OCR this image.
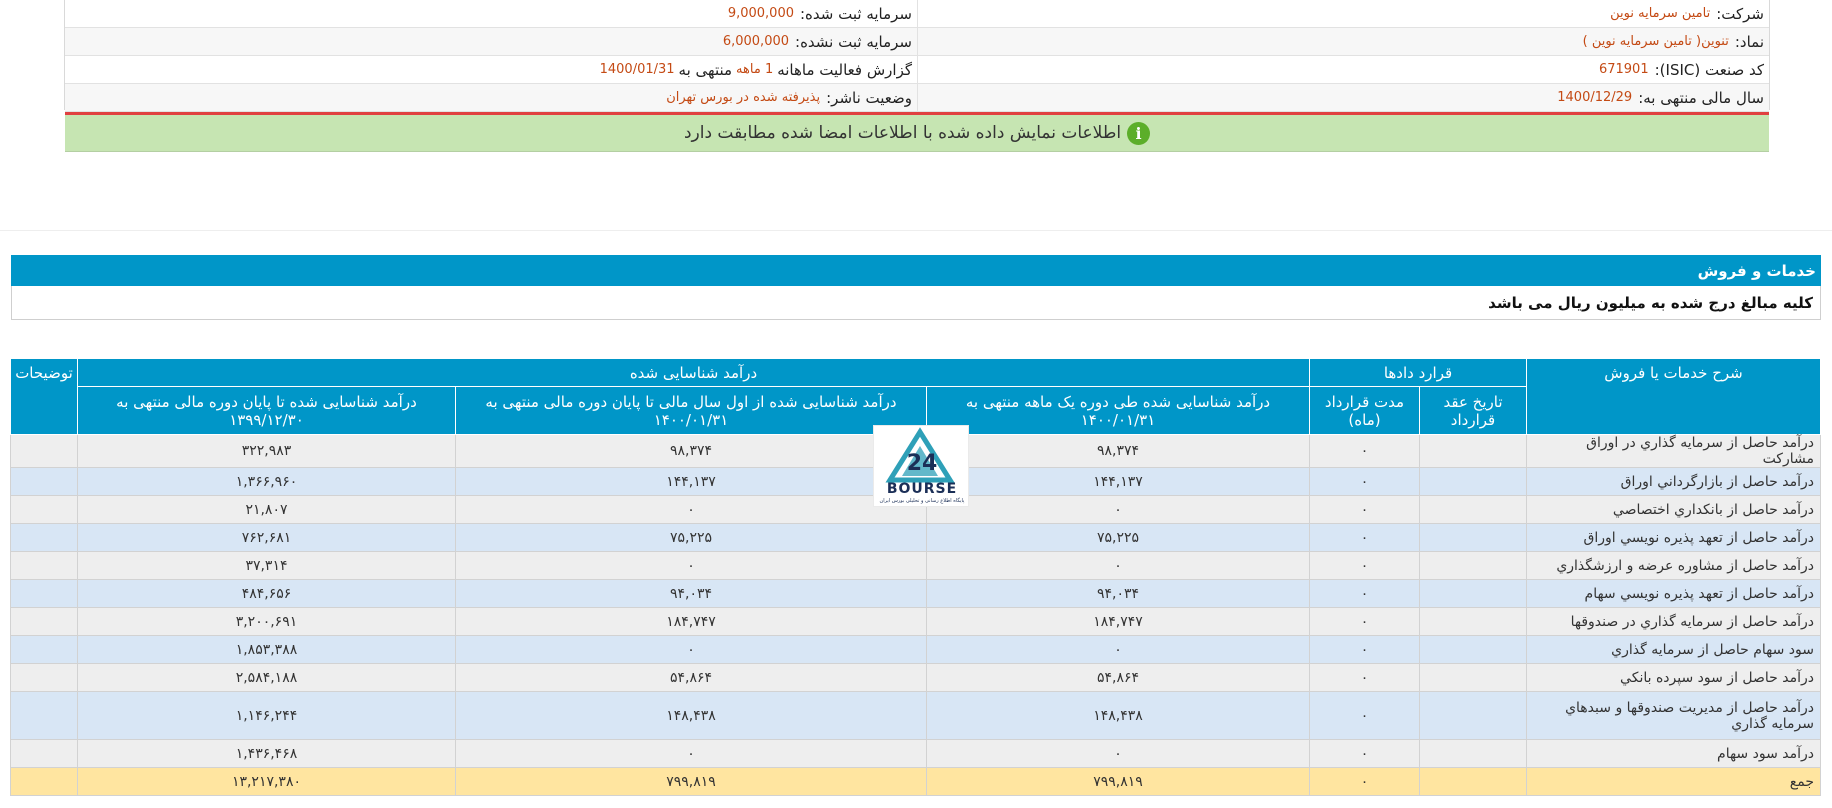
شرکت:
تامین سرمایه نوین
سرمایه ثبت شده:
9,000,000
نماد:
تنوین( تامین سرمایه نوین )
سرمایه ثبت نشده:
6,000,000
کد صنعت (ISIC):
671901
گزارش فعالیت ماهانه
1 ماهه
منتهی به
1400/01/31
سال مالی منتهی به:
1400/12/29
وضعیت ناشر:
پذیرفته شده در بورس تهران
i
اطلاعات نمایش داده شده با اطلاعات امضا شده مطابقت دارد
خدمات و فروش
کلیه مبالغ درج شده به میلیون ریال می باشد
شرح خدمات یا فروش	قرارد دادها		درآمد شناسایی شده			توضیحات
	تاریخ عقد قرارداد	مدت قرارداد (ماه)	درآمد شناسایی شده طی دوره یک ماهه منتهی به ۱۴۰۰/۰۱/۳۱	درآمد شناسایی شده از اول سال مالی تا پایان دوره مالی منتهی به ۱۴۰۰/۰۱/۳۱	درآمد شناسایی شده تا پایان دوره مالی منتهی به ۱۳۹۹/۱۲/۳۰	
درآمد حاصل از سرمایه گذاري در اوراق مشارکت		۰	۹۸,۳۷۴	۹۸,۳۷۴	۳۲۲,۹۸۳	
درآمد حاصل از بازارگرداني اوراق		۰	۱۴۴,۱۳۷	۱۴۴,۱۳۷	۱,۳۶۶,۹۶۰	
درآمد حاصل از بانکداري اختصاصي		۰	۰	۰	۲۱,۸۰۷	
درآمد حاصل از تعهد پذيره نويسي اوراق		۰	۷۵,۲۲۵	۷۵,۲۲۵	۷۶۲,۶۸۱	
درآمد حاصل از مشاوره عرضه و ارزشگذاري		۰	۰	۰	۳۷,۳۱۴	
درآمد حاصل از تعهد پذيره نويسي سهام		۰	۹۴,۰۳۴	۹۴,۰۳۴	۴۸۴,۶۵۶	
درآمد حاصل از سرمايه گذاري در صندوقها		۰	۱۸۴,۷۴۷	۱۸۴,۷۴۷	۳,۲۰۰,۶۹۱	
سود سهام حاصل از سرمايه گذاري		۰	۰	۰	۱,۸۵۳,۳۸۸	
درآمد حاصل از سود سپرده بانکي		۰	۵۴,۸۶۴	۵۴,۸۶۴	۲,۵۸۴,۱۸۸	
درآمد حاصل از مديريت صندوقها و سبدهاي سرمايه گذاري		۰	۱۴۸,۴۳۸	۱۴۸,۴۳۸	۱,۱۴۶,۲۴۴	
درآمد سود سهام		۰	۰	۰	۱,۴۳۶,۴۶۸	
جمع		۰	۷۹۹,۸۱۹	۷۹۹,۸۱۹	۱۳,۲۱۷,۳۸۰	
24
BOURSE
پایگاه اطلاع رسانی و تحلیلی بورس ایران
